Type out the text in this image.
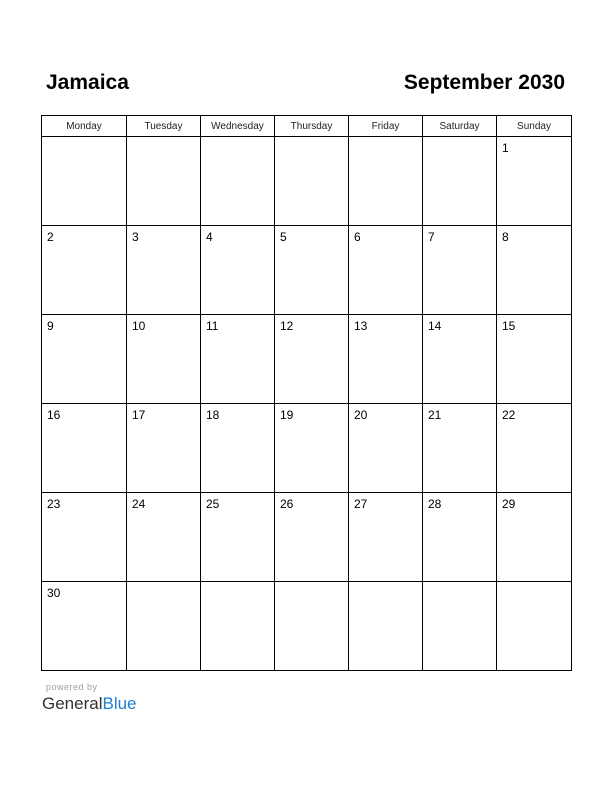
Jamaica	September 2030
Monday	Tuesday	Wednesday	Thursday	Friday	Saturday	Sunday

						1

2	3	4	5	6	7	8

9	10	11	12	13	14	15

16	17	18	19	20	21	22

23	24	25	26	27	28	29

30						

powered by
GeneralBlue
